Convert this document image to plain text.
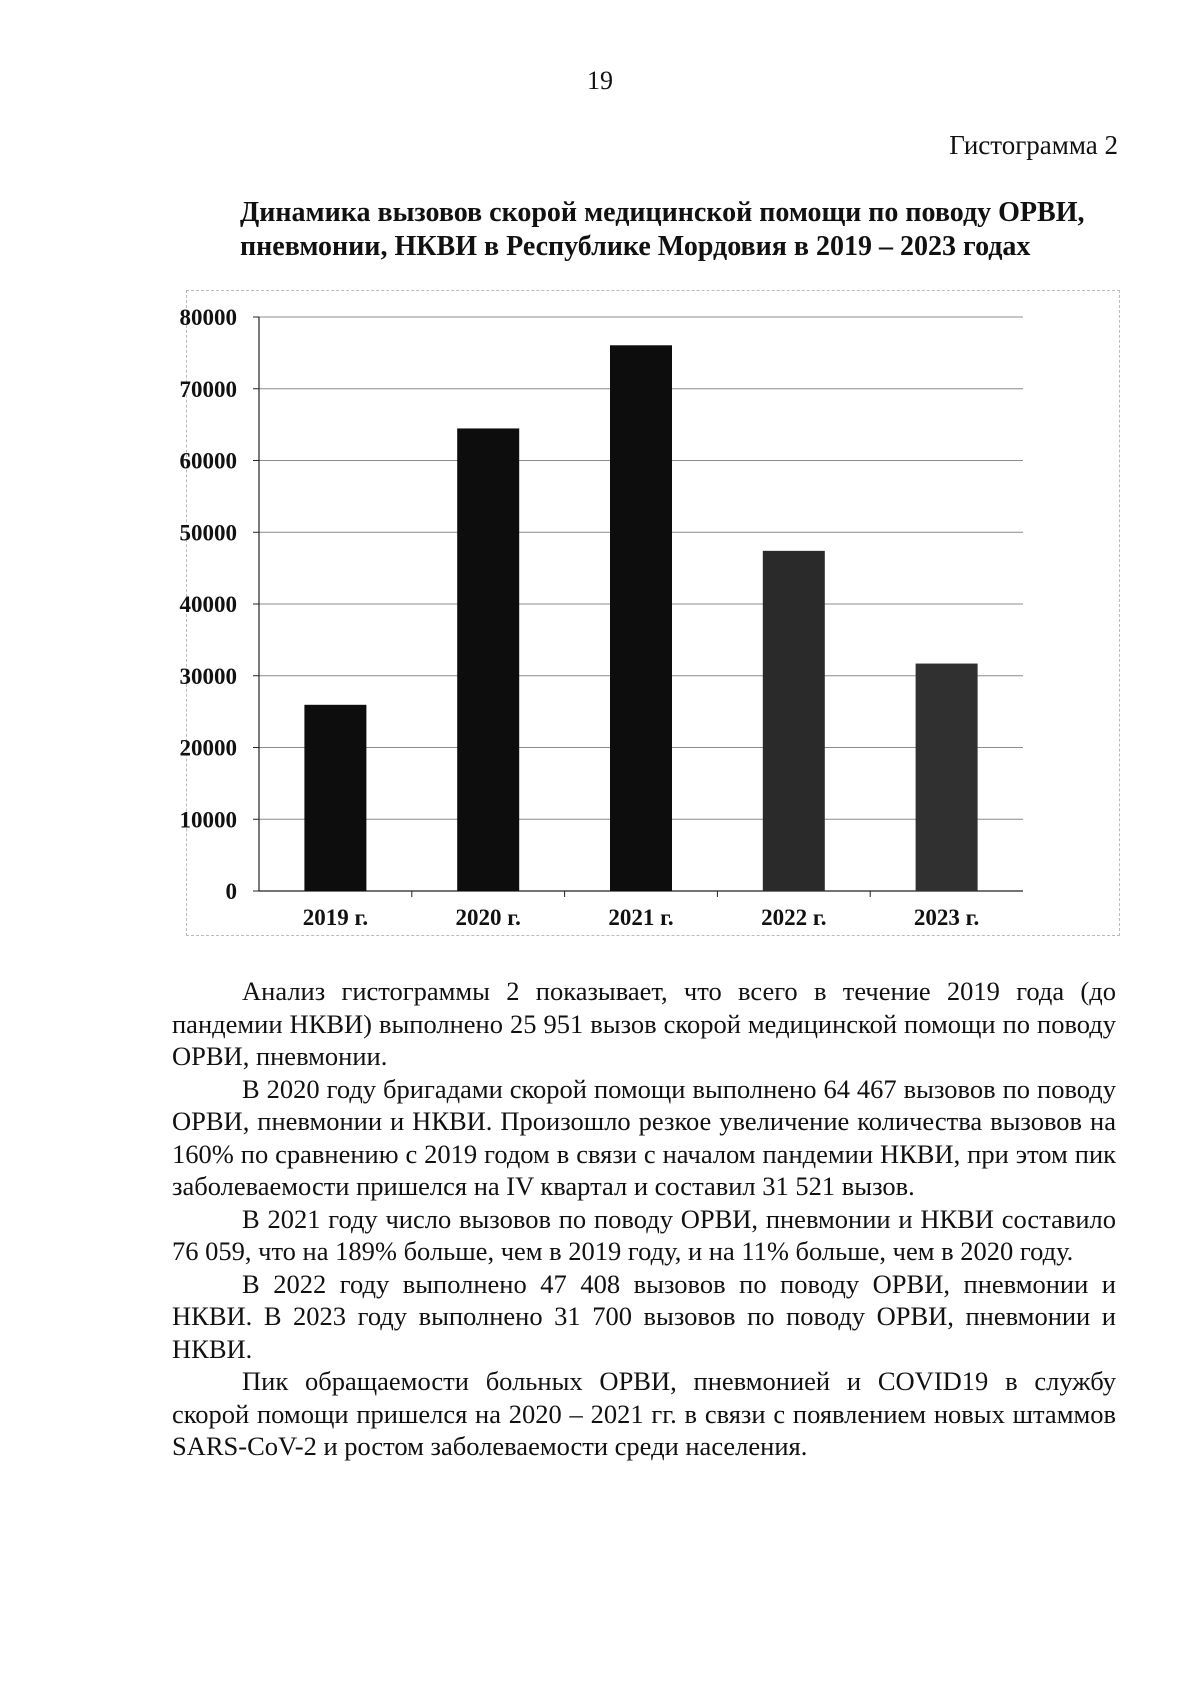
19
Гистограмма 2
Динамика вызовов скорой медицинской помощи по поводу ОРВИ,
пневмонии, НКВИ в Республике Мордовия в 2019 – 2023 годах
0
10000
20000
30000
40000
50000
60000
70000
80000
2019 г.	2020 г.	2021 г.	2022 г.	2023 г.

Анализ гистограммы 2 показывает, что всего в течение 2019 года (до пандемии НКВИ) выполнено 25 951 вызов скорой медицинской помощи по поводу ОРВИ, пневмонии.

В 2020 году бригадами скорой помощи выполнено 64 467 вызовов по поводу ОРВИ, пневмонии и НКВИ. Произошло резкое увеличение количества вызовов на 160% по сравнению с 2019 годом в связи с началом пандемии НКВИ, при этом пик заболеваемости пришелся на IV квартал и составил 31 521 вызов.

В 2021 году число вызовов по поводу ОРВИ, пневмонии и НКВИ составило 76 059, что на 189% больше, чем в 2019 году, и на 11% больше, чем в 2020 году.

В 2022 году выполнено 47 408 вызовов по поводу ОРВИ, пневмонии и НКВИ. В 2023 году выполнено 31 700 вызовов по поводу ОРВИ, пневмонии и НКВИ.

Пик обращаемости больных ОРВИ, пневмонией и COVID19 в службу скорой помощи пришелся на 2020 – 2021 гг. в связи с появлением новых штаммов SARS-CoV-2 и ростом заболеваемости среди населения.
